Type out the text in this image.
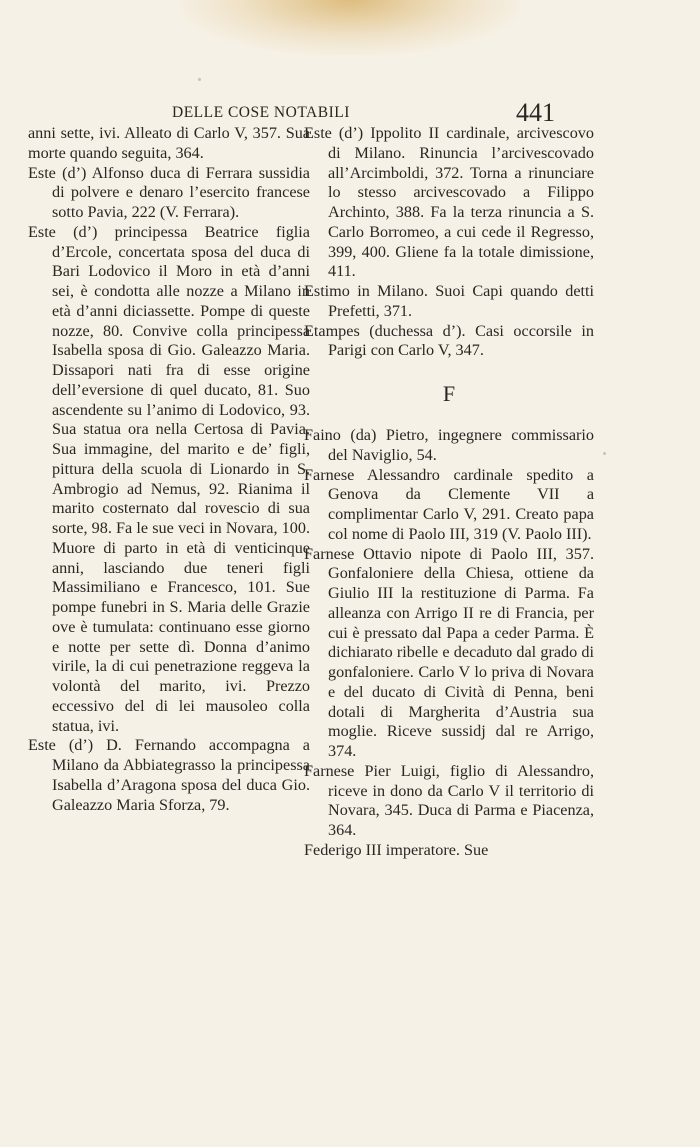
DELLE COSE NOTABILI	441

anni sette, ivi. Alleato di Carlo V, 357. Sua morte quando seguita, 364.

Este (d’) Alfonso duca di Ferrara sussidia di polvere e denaro l’esercito francese sotto Pavia, 222 (V. Ferrara).

Este (d’) principessa Beatrice figlia d’Ercole, concertata sposa del duca di Bari Lodovico il Moro in età d’anni sei, è condotta alle nozze a Milano in età d’anni diciassette. Pompe di queste nozze, 80. Convive colla principessa Isabella sposa di Gio. Galeazzo Maria. Dissapori nati fra di esse origine dell’eversione di quel ducato, 81. Suo ascendente su l’animo di Lodovico, 93. Sua statua ora nella Certosa di Pavia. Sua immagine, del marito e de’ figli, pittura della scuola di Lionardo in S. Ambrogio ad Nemus, 92. Rianima il marito costernato dal rovescio di sua sorte, 98. Fa le sue veci in Novara, 100. Muore di parto in età di venticinque anni, lasciando due teneri figli Massimiliano e Francesco, 101. Sue pompe funebri in S. Maria delle Grazie ove è tumulata: continuano esse giorno e notte per sette dì. Donna d’animo virile, la di cui penetrazione reggeva la volontà del marito, ivi. Prezzo eccessivo del di lei mausoleo colla statua, ivi.

Este (d’) D. Fernando accompagna a Milano da Abbiategrasso la principessa Isabella d’Aragona sposa del duca Gio. Galeazzo Maria Sforza, 79.

Este (d’) Ippolito II cardinale, arcivescovo di Milano. Rinuncia l’arcivescovado all’Arcimboldi, 372. Torna a rinunciare lo stesso arcivescovado a Filippo Archinto, 388. Fa la terza rinuncia a S. Carlo Borromeo, a cui cede il Regresso, 399, 400. Gliene fa la totale dimissione, 411.

Estimo in Milano. Suoi Capi quando detti Prefetti, 371.

Etampes (duchessa d’). Casi occorsile in Parigi con Carlo V, 347.

F

Faino (da) Pietro, ingegnere commissario del Naviglio, 54.

Farnese Alessandro cardinale spedito a Genova da Clemente VII a complimentar Carlo V, 291. Creato papa col nome di Paolo III, 319 (V. Paolo III).

Farnese Ottavio nipote di Paolo III, 357. Gonfaloniere della Chiesa, ottiene da Giulio III la restituzione di Parma. Fa alleanza con Arrigo II re di Francia, per cui è pressato dal Papa a ceder Parma. È dichiarato ribelle e decaduto dal grado di gonfaloniere. Carlo V lo priva di Novara e del ducato di Cività di Penna, beni dotali di Margherita d’Austria sua moglie. Riceve sussidj dal re Arrigo, 374.

Farnese Pier Luigi, figlio di Alessandro, riceve in dono da Carlo V il territorio di Novara, 345. Duca di Parma e Piacenza, 364.

Federigo III imperatore. Sue
